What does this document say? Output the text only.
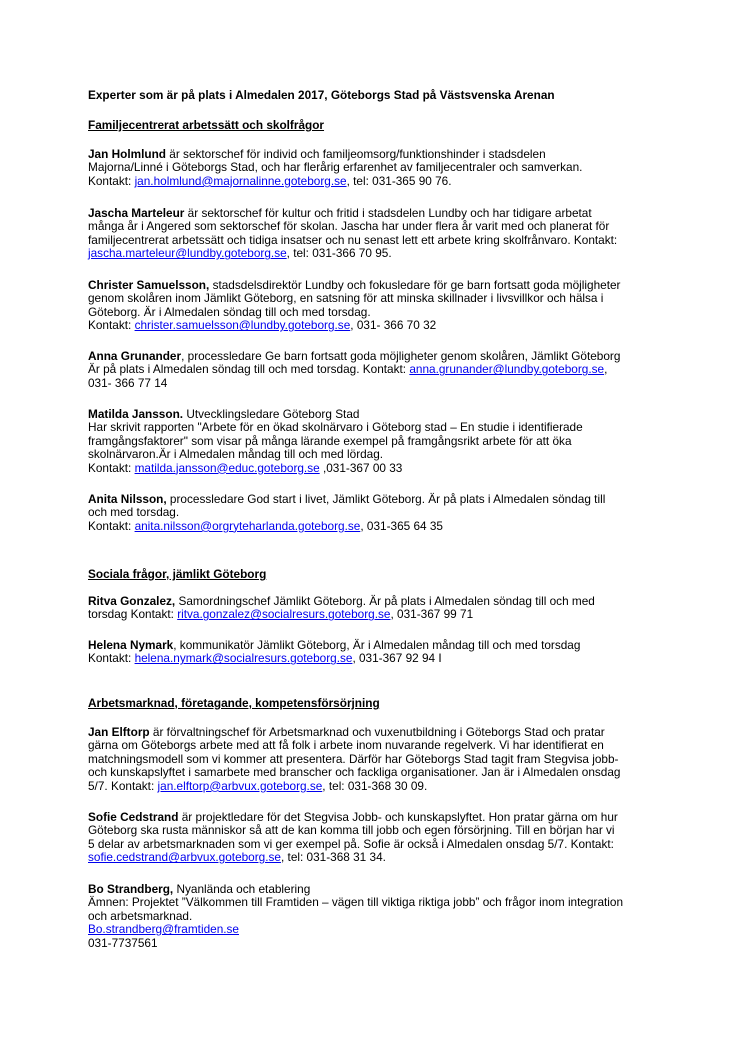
Experter som är på plats i Almedalen 2017, Göteborgs Stad på Västsvenska Arenan
Familjecentrerat arbetssätt och skolfrågor
Jan Holmlund är sektorschef för individ och familjeomsorg/funktionshinder i stadsdelen
Majorna/Linné i Göteborgs Stad, och har flerårig erfarenhet av familjecentraler och samverkan.
Kontakt: jan.holmlund@majornalinne.goteborg.se, tel: 031-365 90 76.
Jascha Marteleur är sektorschef för kultur och fritid i stadsdelen Lundby och har tidigare arbetat
många år i Angered som sektorschef för skolan. Jascha har under flera år varit med och planerat för
familjecentrerat arbetssätt och tidiga insatser och nu senast lett ett arbete kring skolfrånvaro. Kontakt:
jascha.marteleur@lundby.goteborg.se, tel: 031-366 70 95.
Christer Samuelsson, stadsdelsdirektör Lundby och fokusledare för ge barn fortsatt goda möjligheter
genom skolåren inom Jämlikt Göteborg, en satsning för att minska skillnader i livsvillkor och hälsa i
Göteborg. Är i Almedalen söndag till och med torsdag.
Kontakt: christer.samuelsson@lundby.goteborg.se, 031- 366 70 32
Anna Grunander, processledare Ge barn fortsatt goda möjligheter genom skolåren, Jämlikt Göteborg
Är på plats i Almedalen söndag till och med torsdag. Kontakt: anna.grunander@lundby.goteborg.se,
031- 366 77 14
Matilda Jansson. Utvecklingsledare Göteborg Stad
Har skrivit rapporten "Arbete för en ökad skolnärvaro i Göteborg stad – En studie i identifierade
framgångsfaktorer" som visar på många lärande exempel på framgångsrikt arbete för att öka
skolnärvaron.Är i Almedalen måndag till och med lördag.
Kontakt: matilda.jansson@educ.goteborg.se ,031-367 00 33
Anita Nilsson, processledare God start i livet, Jämlikt Göteborg. Är på plats i Almedalen söndag till
och med torsdag.
Kontakt: anita.nilsson@orgryteharlanda.goteborg.se, 031-365 64 35
Sociala frågor, jämlikt Göteborg
Ritva Gonzalez, Samordningschef Jämlikt Göteborg. Är på plats i Almedalen söndag till och med
torsdag Kontakt: ritva.gonzalez@socialresurs.goteborg.se, 031-367 99 71
Helena Nymark, kommunikatör Jämlikt Göteborg, Är i Almedalen måndag till och med torsdag
Kontakt: helena.nymark@socialresurs.goteborg.se, 031-367 92 94 I
Arbetsmarknad, företagande, kompetensförsörjning
Jan Elftorp är förvaltningschef för Arbetsmarknad och vuxenutbildning i Göteborgs Stad och pratar
gärna om Göteborgs arbete med att få folk i arbete inom nuvarande regelverk. Vi har identifierat en
matchningsmodell som vi kommer att presentera. Därför har Göteborgs Stad tagit fram Stegvisa jobb-
och kunskapslyftet i samarbete med branscher och fackliga organisationer. Jan är i Almedalen onsdag
5/7. Kontakt: jan.elftorp@arbvux.goteborg.se, tel: 031-368 30 09.
Sofie Cedstrand är projektledare för det Stegvisa Jobb- och kunskapslyftet. Hon pratar gärna om hur
Göteborg ska rusta människor så att de kan komma till jobb och egen försörjning. Till en början har vi
5 delar av arbetsmarknaden som vi ger exempel på. Sofie är också i Almedalen onsdag 5/7. Kontakt:
sofie.cedstrand@arbvux.goteborg.se, tel: 031-368 31 34.
Bo Strandberg, Nyanlända och etablering
Ämnen: Projektet ”Välkommen till Framtiden – vägen till viktiga riktiga jobb” och frågor inom integration
och arbetsmarknad.
Bo.strandberg@framtiden.se
031-7737561
